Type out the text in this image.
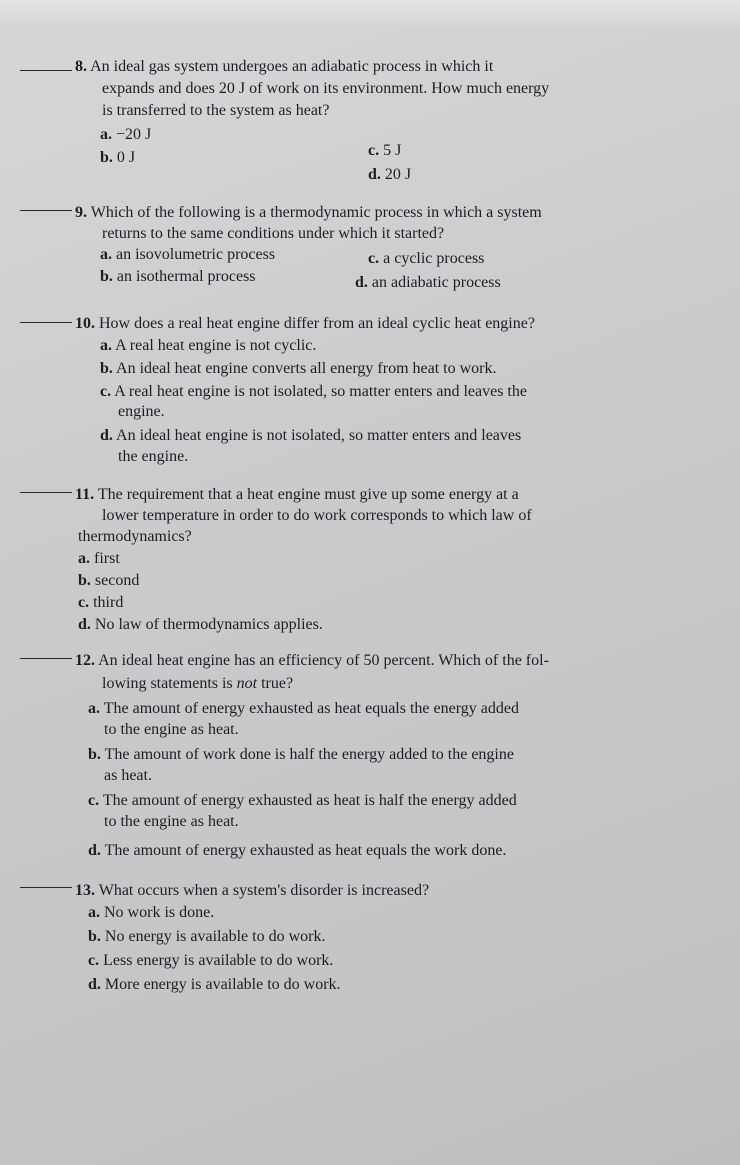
8. An ideal gas system undergoes an adiabatic process in which it
expands and does 20 J of work on its environment. How much energy
is transferred to the system as heat?
a. −20 J
c. 5 J
b. 0 J
d. 20 J
9. Which of the following is a thermodynamic process in which a system
returns to the same conditions under which it started?
a. an isovolumetric process	c. a cyclic process
b. an isothermal process	d. an adiabatic process
10. How does a real heat engine differ from an ideal cyclic heat engine?
a. A real heat engine is not cyclic.
b. An ideal heat engine converts all energy from heat to work.
c. A real heat engine is not isolated, so matter enters and leaves the
engine.
d. An ideal heat engine is not isolated, so matter enters and leaves
the engine.
11. The requirement that a heat engine must give up some energy at a
lower temperature in order to do work corresponds to which law of
thermodynamics?
a. first
b. second
c. third
d. No law of thermodynamics applies.
12. An ideal heat engine has an efficiency of 50 percent. Which of the fol-
lowing statements is not true?
a. The amount of energy exhausted as heat equals the energy added
to the engine as heat.
b. The amount of work done is half the energy added to the engine
as heat.
c. The amount of energy exhausted as heat is half the energy added
to the engine as heat.
d. The amount of energy exhausted as heat equals the work done.
13. What occurs when a system's disorder is increased?
a. No work is done.
b. No energy is available to do work.
c. Less energy is available to do work.
d. More energy is available to do work.
